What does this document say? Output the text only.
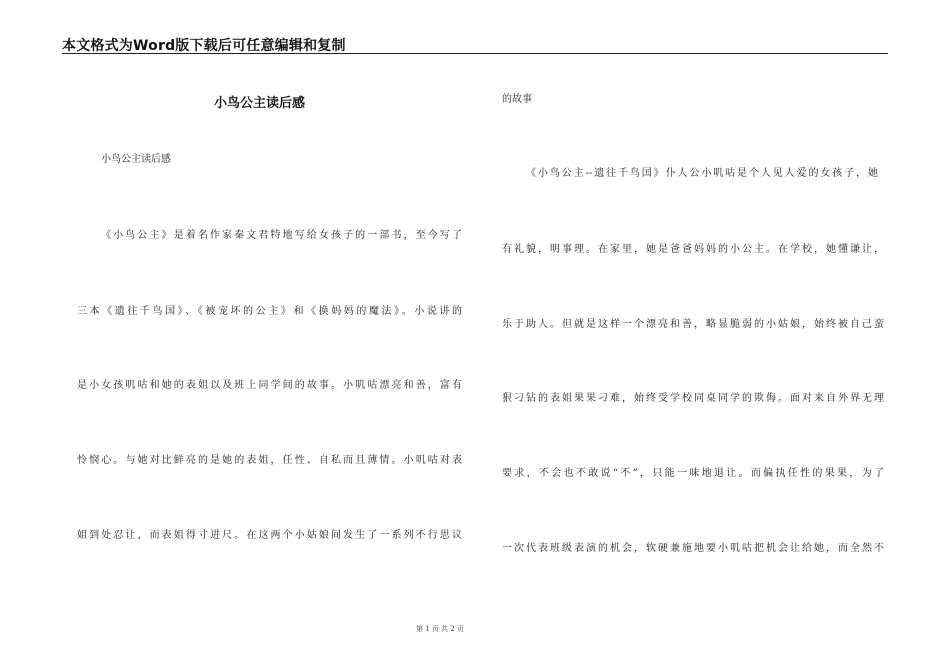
本文格式为Word版下载后可任意编辑和复制
小鸟公主读后感
小鸟公主读后感
《小鸟公主》是着名作家秦文君特地写给女孩子的一部书，至今写了
三本《遗往千鸟国》、《被宠坏的公主》和《换妈妈的魔法》。小说讲的
是小女孩叽咕和她的表姐以及班上同学间的故事。小叽咕漂亮和善，富有
怜悯心。与她对比鲜亮的是她的表姐，任性、自私而且薄情。小叽咕对表
姐到处忍让，而表姐得寸进尺。在这两个小姑娘间发生了一系列不行思议
的故事
《小鸟公主--遗往千鸟国》仆人公小叽咕是个人见人爱的女孩子，她
有礼貌，明事理。在家里，她是爸爸妈妈的小公主。在学校，她懂谦让，
乐于助人。但就是这样一个漂亮和善，略显脆弱的小姑娘，始终被自己蛮
狠刁钻的表姐果果刁难，始终受学校同桌同学的欺侮。面对来自外界无理
要求，不会也不敢说“不”，只能一味地退让。而偏执任性的果果，为了
一次代表班级表演的机会，软硬兼施地要小叽咕把机会让给她，而全然不
第 1 页 共 2 页
